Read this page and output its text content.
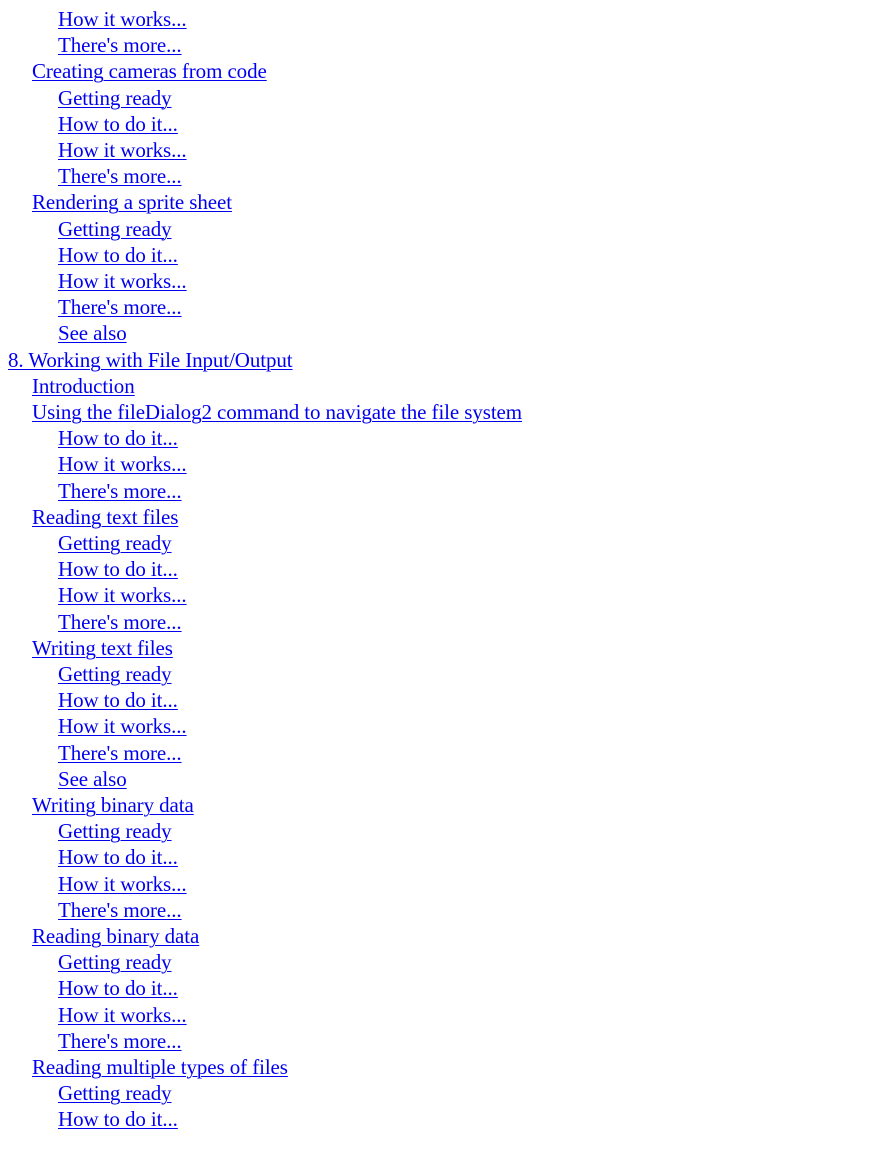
How it works...
There's more...
Creating cameras from code
Getting ready
How to do it...
How it works...
There's more...
Rendering a sprite sheet
Getting ready
How to do it...
How it works...
There's more...
See also
8. Working with File Input/Output
Introduction
Using the fileDialog2 command to navigate the file system
How to do it...
How it works...
There's more...
Reading text files
Getting ready
How to do it...
How it works...
There's more...
Writing text files
Getting ready
How to do it...
How it works...
There's more...
See also
Writing binary data
Getting ready
How to do it...
How it works...
There's more...
Reading binary data
Getting ready
How to do it...
How it works...
There's more...
Reading multiple types of files
Getting ready
How to do it...
